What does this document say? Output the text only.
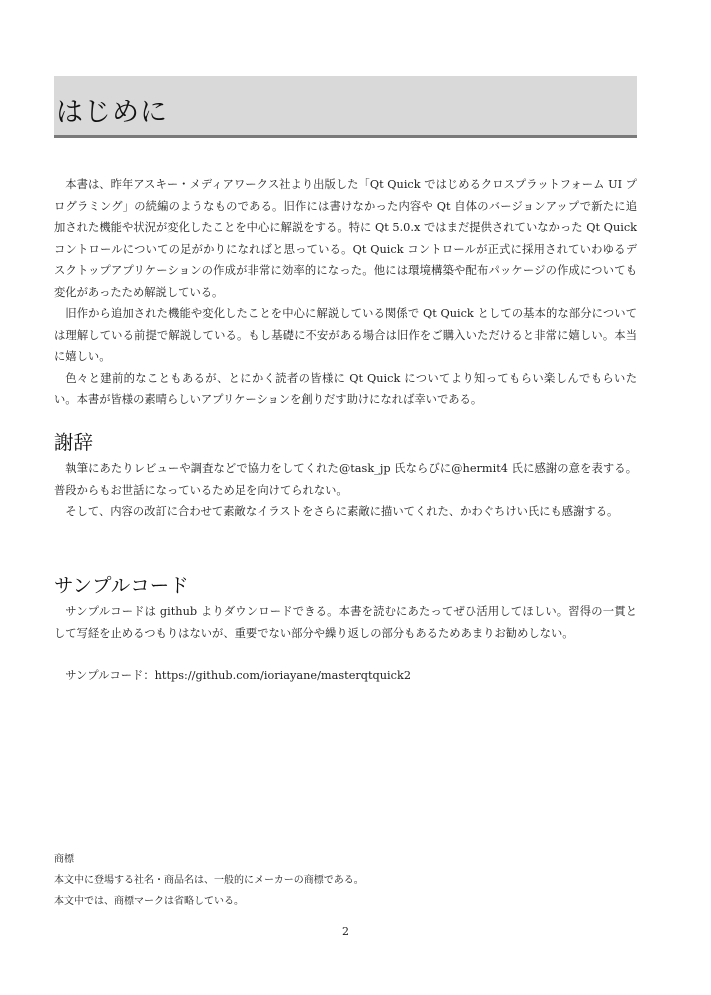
はじめに

本書は、昨年アスキー・メディアワークス社より出版した「Qt Quick ではじめるクロスプラットフォーム UI プログラミング」の続編のようなものである。旧作には書けなかった内容や Qt 自体のバージョンアップで新たに追加された機能や状況が変化したことを中心に解説をする。特に Qt 5.0.x ではまだ提供されていなかった Qt Quick コントロールについての足がかりになればと思っている。Qt Quick コントロールが正式に採用されていわゆるデスクトップアプリケーションの作成が非常に効率的になった。他には環境構築や配布パッケージの作成についても変化があったため解説している。

旧作から追加された機能や変化したことを中心に解説している関係で Qt Quick としての基本的な部分については理解している前提で解説している。もし基礎に不安がある場合は旧作をご購入いただけると非常に嬉しい。本当に嬉しい。

色々と建前的なこともあるが、とにかく読者の皆様に Qt Quick についてより知ってもらい楽しんでもらいたい。本書が皆様の素晴らしいアプリケーションを創りだす助けになれば幸いである。

謝辞

執筆にあたりレビューや調査などで協力をしてくれた@task_jp 氏ならびに@hermit4 氏に感謝の意を表する。普段からもお世話になっているため足を向けてられない。

そして、内容の改訂に合わせて素敵なイラストをさらに素敵に描いてくれた、かわぐちけい氏にも感謝する。

サンプルコード

サンプルコードは github よりダウンロードできる。本書を読むにあたってぜひ活用してほしい。習得の一貫として写経を止めるつもりはないが、重要でない部分や繰り返しの部分もあるためあまりお勧めしない。

サンプルコード：https://github.com/ioriayane/masterqtquick2

商標

本文中に登場する社名・商品名は、一般的にメーカーの商標である。

本文中では、商標マークは省略している。

2
